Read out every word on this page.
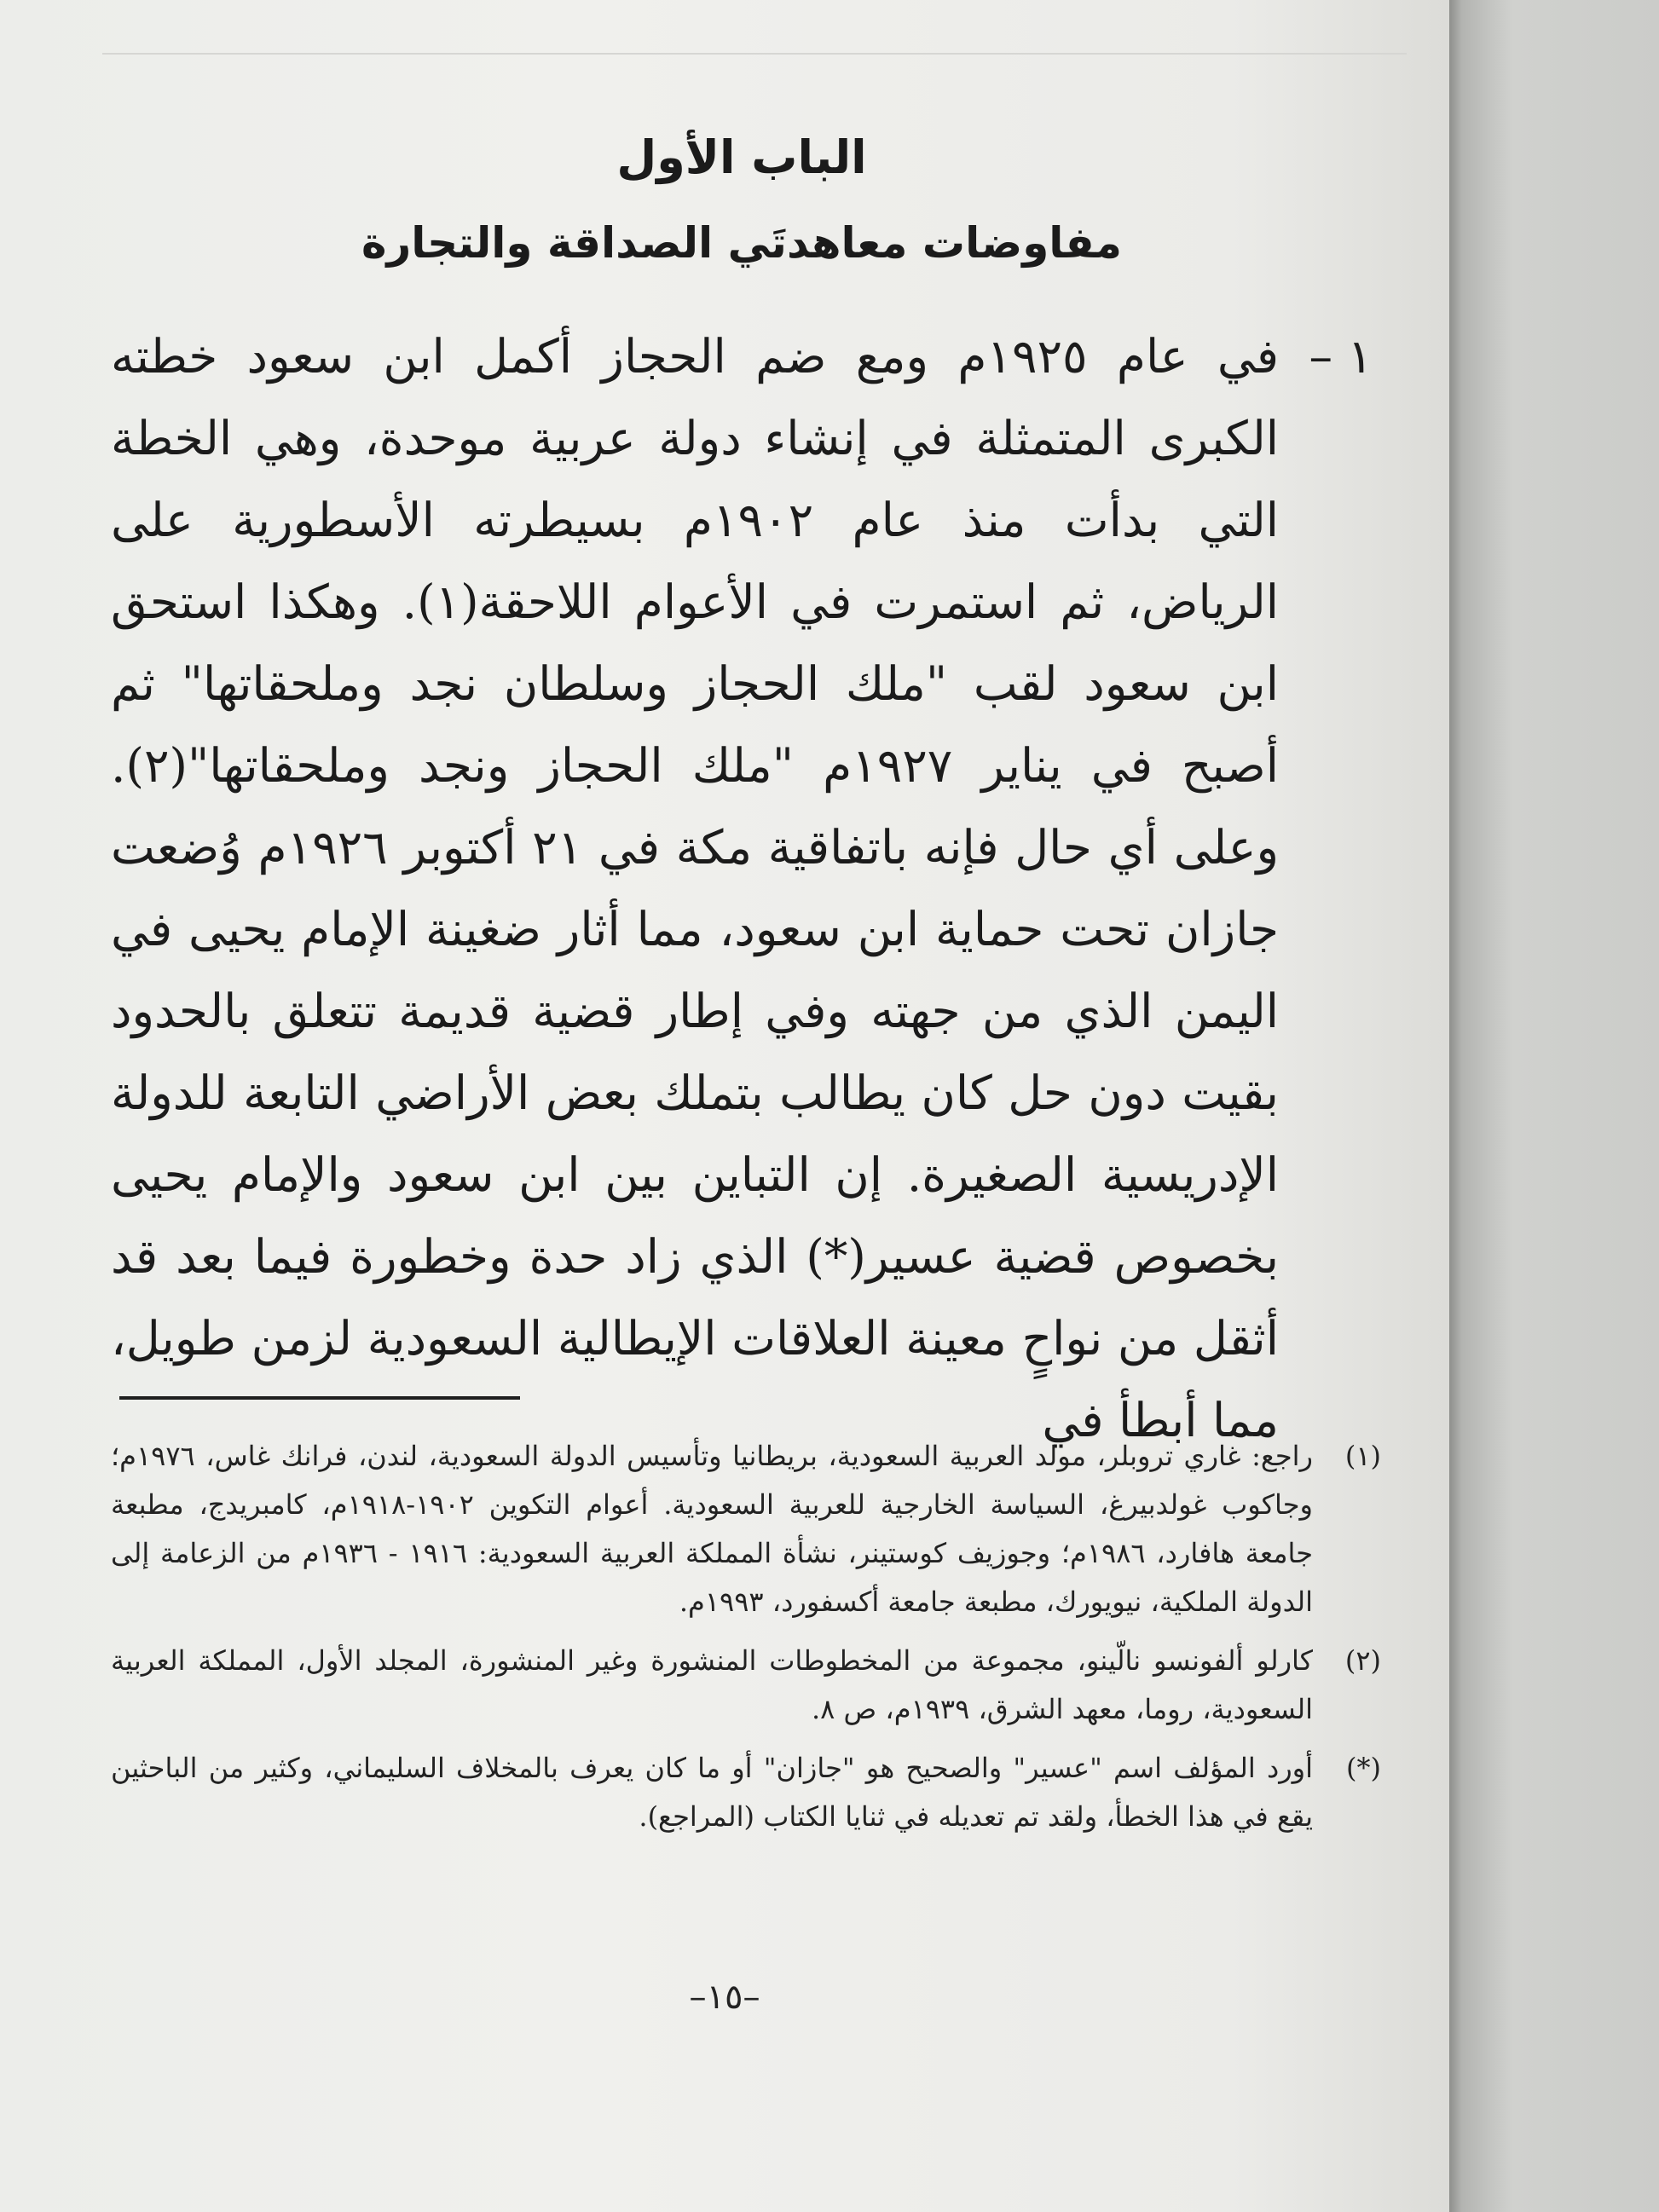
الباب الأول
مفاوضات معاهدتَي الصداقة والتجارة
١ –
في عام ١٩٢٥م ومع ضم الحجاز أكمل ابن سعود خطته الكبرى المتمثلة في إنشاء دولة عربية موحدة، وهي الخطة التي بدأت منذ عام ١٩٠٢م بسيطرته الأسطورية على الرياض، ثم استمرت في الأعوام اللاحقة(١). وهكذا استحق ابن سعود لقب "ملك الحجاز وسلطان نجد وملحقاتها" ثم أصبح في يناير ١٩٢٧م "ملك الحجاز ونجد وملحقاتها"(٢). وعلى أي حال فإنه باتفاقية مكة في ٢١ أكتوبر ١٩٢٦م وُضعت جازان تحت حماية ابن سعود، مما أثار ضغينة الإمام يحيى في اليمن الذي من جهته وفي إطار قضية قديمة تتعلق بالحدود بقيت دون حل كان يطالب بتملك بعض الأراضي التابعة للدولة الإدريسية الصغيرة. إن التباين بين ابن سعود والإمام يحيى بخصوص قضية عسير(*) الذي زاد حدة وخطورة فيما بعد قد أثقل من نواحٍ معينة العلاقات الإيطالية السعودية لزمن طويل، مما أبطأ في

(١)
راجع: غاري تروبلر، مولد العربية السعودية، بريطانيا وتأسيس الدولة السعودية، لندن، فرانك غاس، ١٩٧٦م؛ وجاكوب غولدبيرغ، السياسة الخارجية للعربية السعودية. أعوام التكوين ١٩٠٢-١٩١٨م، كامبريدج، مطبعة جامعة هافارد، ١٩٨٦م؛ وجوزيف كوستينر، نشأة المملكة العربية السعودية: ١٩١٦ - ١٩٣٦م من الزعامة إلى الدولة الملكية، نيويورك، مطبعة جامعة أكسفورد، ١٩٩٣م.

(٢)
كارلو ألفونسو نالّينو، مجموعة من المخطوطات المنشورة وغير المنشورة، المجلد الأول، المملكة العربية السعودية، روما، معهد الشرق، ١٩٣٩م، ص ٨.

(*)
أورد المؤلف اسم "عسير" والصحيح هو "جازان" أو ما كان يعرف بالمخلاف السليماني، وكثير من الباحثين يقع في هذا الخطأ، ولقد تم تعديله في ثنايا الكتاب (المراجع).

–١٥–
